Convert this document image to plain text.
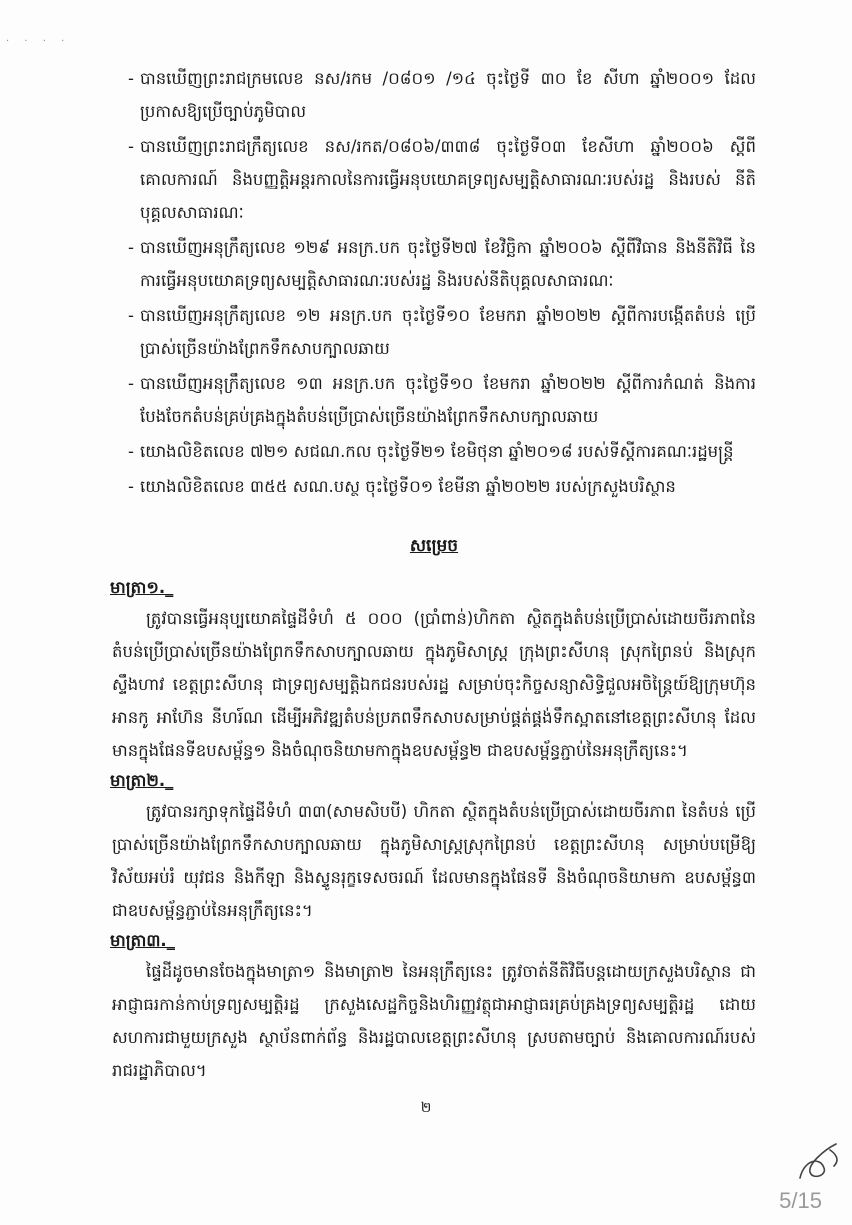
· · · ·
- បានឃើញព្រះរាជក្រមលេខ នស/រកម /០៨០១ /១៤ ចុះថ្ងៃទី ៣០ ខែ សីហា ឆ្នាំ២០០១ ដែល ប្រកាសឱ្យប្រើច្បាប់ភូមិបាល
- បានឃើញព្រះរាជក្រឹត្យលេខ នស/រកត/០៨០៦/៣៣៨ ចុះថ្ងៃទី០៣ ខែសីហា ឆ្នាំ២០០៦ ស្តីពី គោលការណ៍ និងបញ្ញត្តិអន្តរកាលនៃការធ្វើអនុបយោគទ្រព្យសម្បត្តិសាធារណៈរបស់រដ្ឋ និងរបស់ នីតិបុគ្គលសាធារណៈ
- បានឃើញអនុក្រឹត្យលេខ ១២៩ អនក្រ.បក ចុះថ្ងៃទី២៧ ខែវិច្ឆិកា ឆ្នាំ២០០៦ ស្តីពីវិធាន និងនីតិវិធី នៃការធ្វើអនុបយោគទ្រព្យសម្បត្តិសាធារណៈរបស់រដ្ឋ និងរបស់នីតិបុគ្គលសាធារណៈ
- បានឃើញអនុក្រឹត្យលេខ ១២ អនក្រ.បក ចុះថ្ងៃទី១០ ខែមករា ឆ្នាំ២០២២ ស្តីពីការបង្កើតតំបន់ ប្រើប្រាស់ច្រើនយ៉ាងព្រែកទឹកសាបក្បាលឆាយ
- បានឃើញអនុក្រឹត្យលេខ ១៣ អនក្រ.បក ចុះថ្ងៃទី១០ ខែមករា ឆ្នាំ២០២២ ស្តីពីការកំណត់ និងការ បែងចែកតំបន់គ្រប់គ្រងក្នុងតំបន់ប្រើប្រាស់ច្រើនយ៉ាងព្រែកទឹកសាបក្បាលឆាយ
- យោងលិខិតលេខ ៧២១ សជណ.កល ចុះថ្ងៃទី២១ ខែមិថុនា ឆ្នាំ២០១៨ របស់ទីស្តីការគណៈរដ្ឋមន្ត្រី
- យោងលិខិតលេខ ៣៥៥ សណ.បស្ថ ចុះថ្ងៃទី០១ ខែមីនា ឆ្នាំ២០២២ របស់ក្រសួងបរិស្ថាន
សម្រេច
មាត្រា១._

ត្រូវបានធ្វើអនុប្បយោគផ្ទៃដីទំហំ ៥ ០០០ (ប្រាំពាន់)ហិកតា ស្ថិតក្នុងតំបន់ប្រើប្រាស់ដោយចីរភាពនៃ តំបន់ប្រើប្រាស់ច្រើនយ៉ាងព្រែកទឹកសាបក្បាលឆាយ ក្នុងភូមិសាស្ត្រ ក្រុងព្រះសីហនុ ស្រុកព្រៃនប់ និងស្រុក ស្ទឹងហាវ ខេត្តព្រះសីហនុ ជាទ្រព្យសម្បត្តិឯកជនរបស់រដ្ឋ សម្រាប់ចុះកិច្ចសន្យាសិទ្ធិជួលអចិន្ត្រៃយ៍ឱ្យក្រុមហ៊ុន អានកូ អាហ៊ែន នីហរ៍ណ ដើម្បីអភិវឌ្ឍតំបន់ប្រភពទឹកសាបសម្រាប់ផ្គត់ផ្គង់ទឹកស្អាតនៅខេត្តព្រះសីហនុ ដែល មានក្នុងផែនទីឧបសម្ព័ន្ធ១ និងចំណុចនិយាមកាក្នុងឧបសម្ព័ន្ធ២ ជាឧបសម្ព័ន្ធភ្ជាប់នៃអនុក្រឹត្យនេះ។

មាត្រា២._

ត្រូវបានរក្សាទុកផ្ទៃដីទំហំ ៣៣(សាមសិបបី) ហិកតា ស្ថិតក្នុងតំបន់ប្រើប្រាស់ដោយចីរភាព នៃតំបន់ ប្រើប្រាស់ច្រើនយ៉ាងព្រែកទឹកសាបក្បាលឆាយ ក្នុងភូមិសាស្ត្រស្រុកព្រៃនប់ ខេត្តព្រះសីហនុ សម្រាប់បម្រើឱ្យ វិស័យអប់រំ យុវជន និងកីឡា និងស្ទូនរុក្ខទេសចរណ៍ ដែលមានក្នុងផែនទី និងចំណុចនិយាមកា ឧបសម្ព័ន្ធ៣ ជាឧបសម្ព័ន្ធភ្ជាប់នៃអនុក្រឹត្យនេះ។

មាត្រា៣._

ផ្ទៃដីដូចមានចែងក្នុងមាត្រា១ និងមាត្រា២ នៃអនុក្រឹត្យនេះ ត្រូវចាត់នីតិវិធីបន្តដោយក្រសួងបរិស្ថាន ជាអាជ្ញាធរកាន់កាប់ទ្រព្យសម្បត្តិរដ្ឋ ក្រសួងសេដ្ឋកិច្ចនិងហិរញ្ញវត្ថុជាអាជ្ញាធរគ្រប់គ្រងទ្រព្យសម្បត្តិរដ្ឋ ដោយ សហការជាមួយក្រសួង ស្ថាប័នពាក់ព័ន្ធ និងរដ្ឋបាលខេត្តព្រះសីហនុ ស្របតាមច្បាប់ និងគោលការណ៍របស់ រាជរដ្ឋាភិបាល។

២
5/15
